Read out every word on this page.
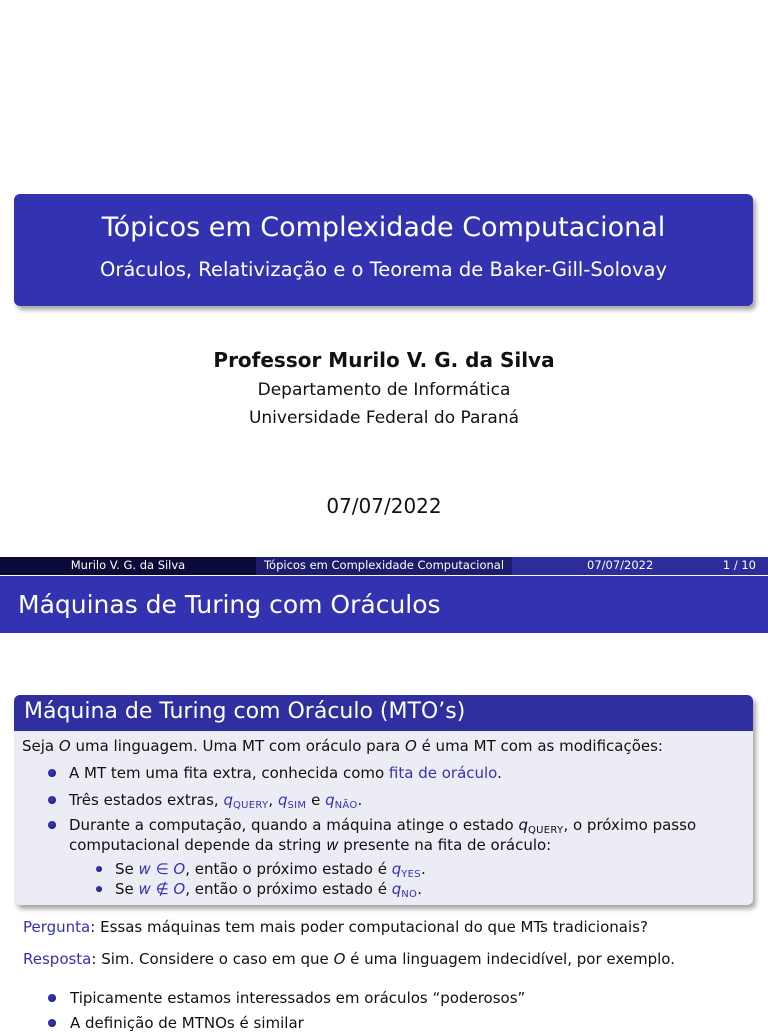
Tópicos em Complexidade Computacional
Oráculos, Relativização e o Teorema de Baker-Gill-Solovay
Professor Murilo V. G. da Silva
Departamento de Informática
Universidade Federal do Paraná
07/07/2022
Murilo V. G. da Silva	Tópicos em Complexidade Computacional	07/07/2022	1 / 10
Máquinas de Turing com Oráculos
Máquina de Turing com Oráculo (MTO’s)
Seja O uma linguagem. Uma MT com oráculo para O é uma MT com as modificações:
A MT tem uma fita extra, conhecida como fita de oráculo.
Três estados extras, $q_{QUERY}$, $q_{SIM}$ e $q_{NÃO}$.
Durante a computação, quando a máquina atinge o estado $q_{QUERY}$, o próximo passo
computacional depende da string w presente na fita de oráculo:
Se w ∈ O, então o próximo estado é $q_{YES}$.
Se w ∉ O, então o próximo estado é $q_{NO}$.
Pergunta: Essas máquinas tem mais poder computacional do que MTs tradicionais?
Resposta: Sim. Considere o caso em que O é uma linguagem indecidível, por exemplo.
Tipicamente estamos interessados em oráculos “poderosos”
A definição de MTNOs é similar
